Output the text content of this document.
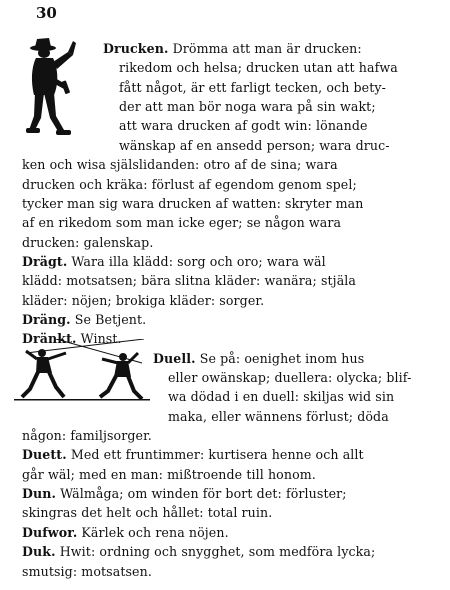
30
Drucken. Drömma att man är drucken:
rikedom och helsa; drucken utan att hafwa
fått något, är ett farligt tecken, och bety-
der att man bör noga wara på sin wakt;
att wara drucken af godt win: lönande
wänskap af en ansedd person; wara druc-
ken och wisa själslidanden: otro af de sina; wara
drucken och kräka: förlust af egendom genom spel;
tycker man sig wara drucken af watten: skryter man
af en rikedom som man icke eger; se någon wara
drucken: galenskap.
Drägt. Wara illa klädd: sorg och oro; wara wäl
klädd: motsatsen; bära slitna kläder: wanära; stjäla
kläder: nöjen; brokiga kläder: sorger.
Dräng. Se Betjent.
Dränkt. Winst.
Duell. Se på: oenighet inom hus
eller owänskap; duellera: olycka; blif-
wa dödad i en duell: skiljas wid sin
maka, eller wännens förlust; döda
någon: familjsorger.
Duett. Med ett fruntimmer: kurtisera henne och allt
går wäl; med en man: mißtroende till honom.
Dun. Wälmåga; om winden för bort det: förluster;
skingras det helt och hållet: total ruin.
Dufwor. Kärlek och rena nöjen.
Duk. Hwit: ordning och snygghet, som medföra lycka;
smutsig: motsatsen.
